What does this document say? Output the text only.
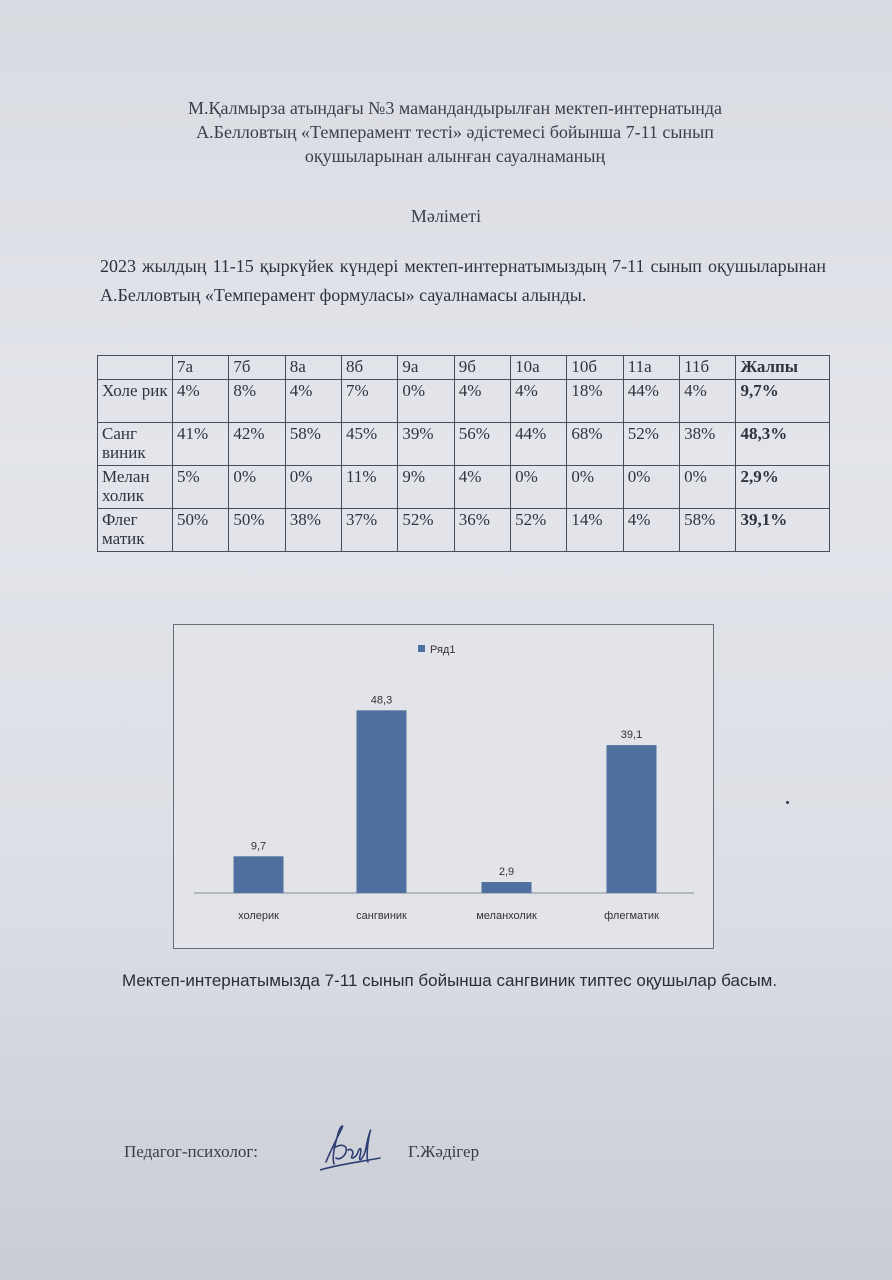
М.Қалмырза атындағы №3 мамандандырылған мектеп-интернатында
А.Белловтың «Темперамент тесті» әдістемесі бойынша 7-11 сынып
оқушыларынан алынған сауалнаманың
Мәліметі
2023 жылдың 11-15 қыркүйек күндері мектеп-интернатымыздың 7-11 сынып оқушыларынан А.Белловтың «Темперамент формуласы» сауалнамасы алынды.
	7а	7б	8а	8б	9а	9б	10а	10б	11а	11б	Жалпы
Холе рик	4%	8%	4%	7%	0%	4%	4%	18%	44%	4%	9,7%
Санг виник	41%	42%	58%	45%	39%	56%	44%	68%	52%	38%	48,3%
Мелан холик	5%	0%	0%	11%	9%	4%	0%	0%	0%	0%	2,9%
Флег матик	50%	50%	38%	37%	52%	36%	52%	14%	4%	58%	39,1%
Ряд1
9,7
холерик
48,3
сангвиник
2,9
меланхолик
39,1
флегматик
Мектеп-интернатымызда 7-11 сынып бойынша сангвиник типтес оқушылар басым.
Педагог-психолог:	Г.Жәдігер
